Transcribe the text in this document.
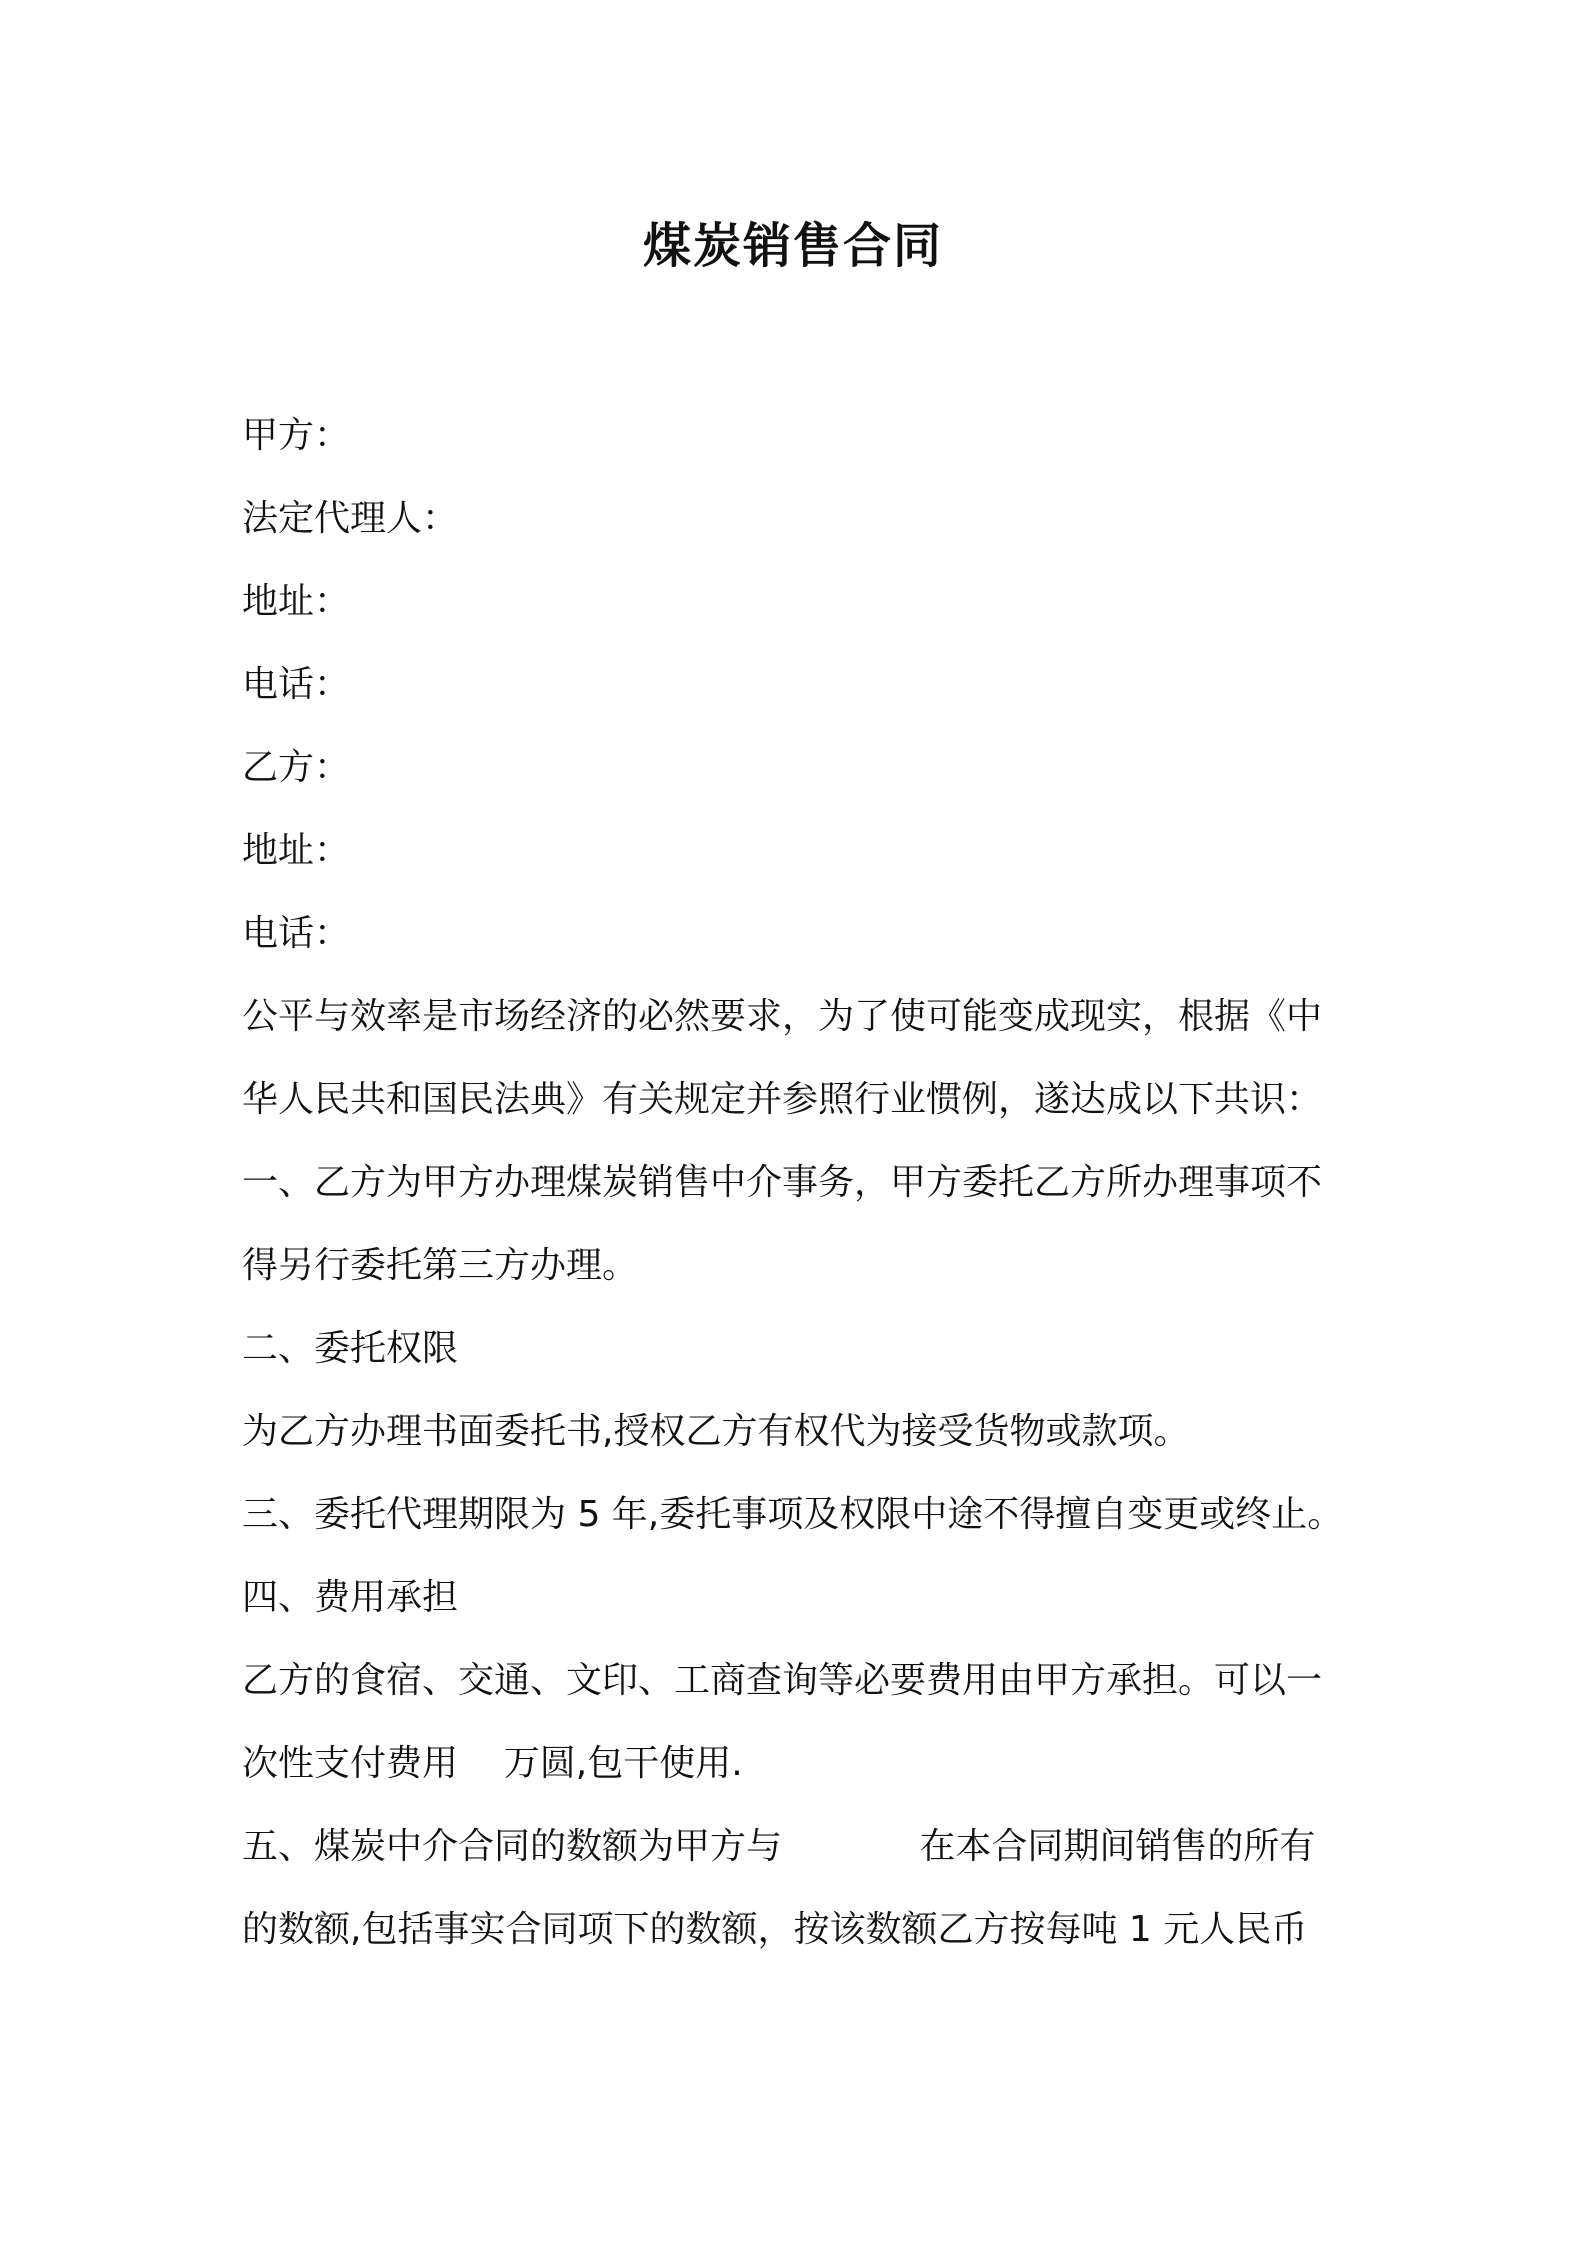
煤炭销售合同
甲方：
法定代理人：
地址：
电话：
乙方：
地址：
电话：
公平与效率是市场经济的必然要求，为了使可能变成现实，根据《中
华人民共和国民法典》有关规定并参照行业惯例，遂达成以下共识：
一、乙方为甲方办理煤炭销售中介事务，甲方委托乙方所办理事项不
得另行委托第三方办理。
二、委托权限
为乙方办理书面委托书,授权乙方有权代为接受货物或款项。
三、委托代理期限为 5 年,委托事项及权限中途不得擅自变更或终止。
四、费用承担
乙方的食宿、交通、文印、工商查询等必要费用由甲方承担。可以一
次性支付费用    万圆,包干使用.
五、煤炭中介合同的数额为甲方与            在本合同期间销售的所有
的数额,包括事实合同项下的数额，按该数额乙方按每吨 1 元人民币
